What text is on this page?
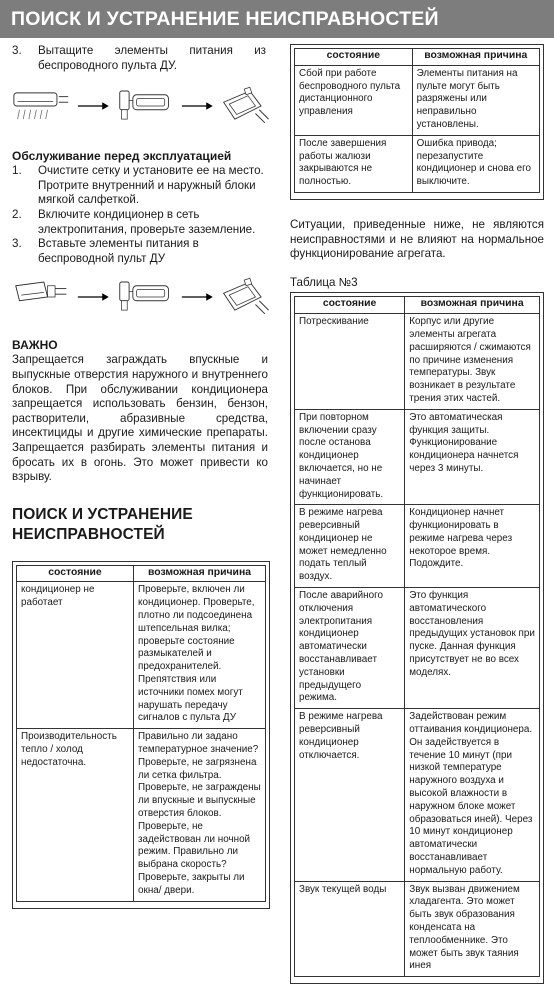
ПОИСК И УСТРАНЕНИЕ НЕИСПРАВНОСТЕЙ
3.	Вытащите элементы питания из беспроводного пульта ДУ.
Обслуживание перед эксплуатацией
1.	Очистите сетку и установите ее на место. Протрите внутренний и наружный блоки мягкой салфеткой.
2.	Включите кондиционер в сеть электропитания, проверьте заземление.
3.	Вставьте элементы питания в беспроводной пульт ДУ
ВАЖНО
Запрещается заграждать впускные и выпускные отверстия наружного и внутреннего блоков. При обслуживании кондиционера запрещается использовать бензин, бензон, растворители, абразивные средства, инсектициды и другие химические препараты. Запрещается разбирать элементы питания и бросать их в огонь. Это может привести ко взрыву.
ПОИСК И УСТРАНЕНИЕ
НЕИСПРАВНОСТЕЙ
состояние	возможная причина
кондиционер не работает	Проверьте, включен ли кондиционер. Проверьте, плотно ли подсоединена штепсельная вилка; проверьте состояние размыкателей и предохранителей. Препятствия или источники помех могут нарушать передачу сигналов с пульта ДУ
Производительность тепло / холод недостаточна.	Правильно ли задано температурное значение? Проверьте, не загрязнена ли сетка фильтра. Проверьте, не заграждены ли впускные и выпускные отверстия блоков. Проверьте, не задействован ли ночной режим. Правильно ли выбрана скорость? Проверьте, закрыты ли окна/ двери.
состояние	возможная причина
Сбой при работе беспроводного пульта дистанционного управления	Элементы питания на пульте могут быть разряжены или неправильно установлены.
После завершения работы жалюзи закрываются не полностью.	Ошибка привода; перезапустите кондиционер и снова его выключите.
Ситуации, приведенные ниже, не являются неисправностями и не влияют на нормальное функционирование агрегата.
Таблица №3
состояние	возможная причина
Потрескивание	Корпус или другие элементы агрегата расширяются / сжимаются по причине изменения температуры. Звук возникает в результате трения этих частей.
При повторном включении сразу после останова кондиционер включается, но не начинает функционировать.	Это автоматическая функция защиты. Функционирование кондиционера начнется через 3 минуты.
В режиме нагрева реверсивный кондиционер не может немедленно подать теплый воздух.	Кондиционер начнет функционировать в режиме нагрева через некоторое время. Подождите.
После аварийного отключения электропитания кондиционер автоматически восстанавливает установки предыдущего режима.	Это функция автоматического восстановления предыдущих установок при пуске. Данная функция присутствует не во всех моделях.
В режиме нагрева реверсивный кондиционер отключается.	Задействован режим оттаивания кондиционера. Он задействуется в течение 10 минут (при низкой температуре наружного воздуха и высокой влажности в наружном блоке может образоваться иней). Через 10 минут кондиционер автоматически восстанавливает нормальную работу.
Звук текущей воды	Звук вызван движением хладагента. Это может быть звук образования конденсата на теплообменнике. Это может быть звук таяния инея
